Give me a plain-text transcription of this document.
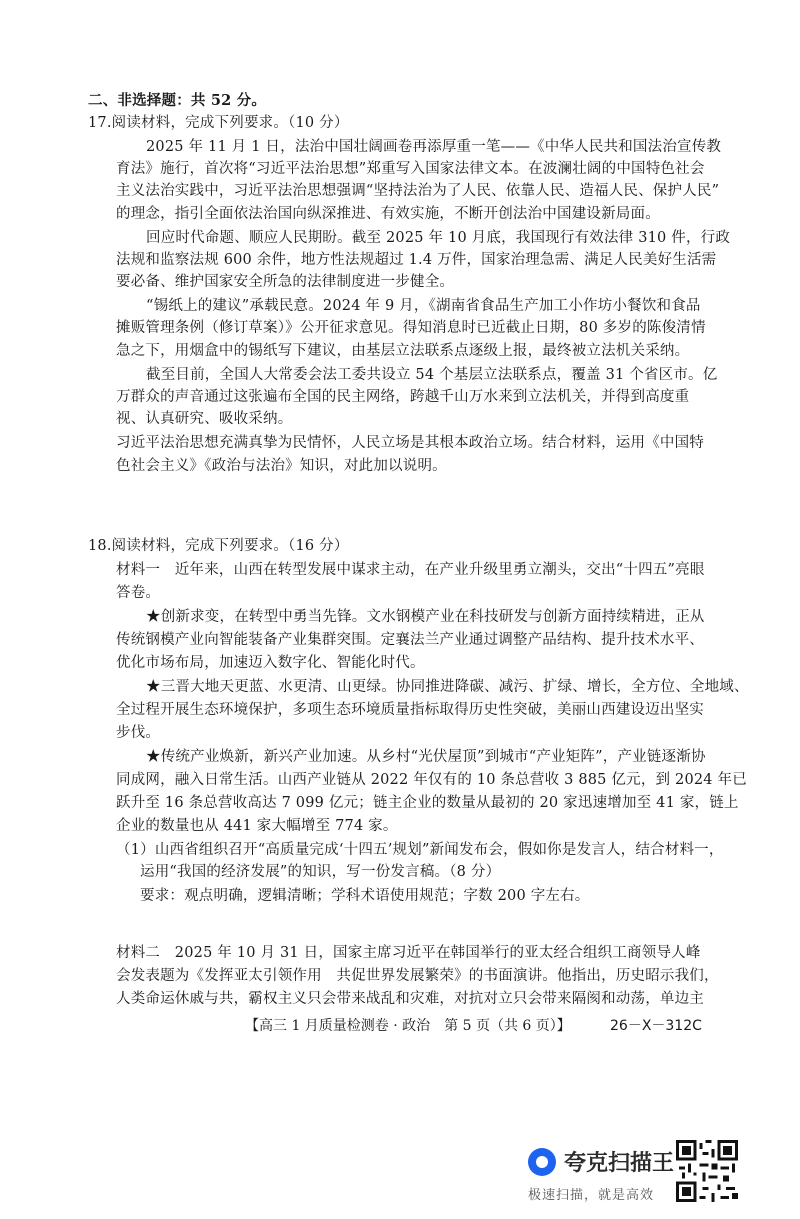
二、非选择题：共 52 分。
17.阅读材料，完成下列要求。（10 分）
2025 年 11 月 1 日，法治中国壮阔画卷再添厚重一笔——《中华人民共和国法治宣传教
育法》施行，首次将“习近平法治思想”郑重写入国家法律文本。在波澜壮阔的中国特色社会
主义法治实践中，习近平法治思想强调“坚持法治为了人民、依靠人民、造福人民、保护人民”
的理念，指引全面依法治国向纵深推进、有效实施，不断开创法治中国建设新局面。
回应时代命题、顺应人民期盼。截至 2025 年 10 月底，我国现行有效法律 310 件，行政
法规和监察法规 600 余件，地方性法规超过 1.4 万件，国家治理急需、满足人民美好生活需
要必备、维护国家安全所急的法律制度进一步健全。
“锡纸上的建议”承载民意。2024 年 9 月，《湖南省食品生产加工小作坊小餐饮和食品
摊贩管理条例（修订草案）》公开征求意见。得知消息时已近截止日期，80 多岁的陈俊清情
急之下，用烟盒中的锡纸写下建议，由基层立法联系点逐级上报，最终被立法机关采纳。
截至目前，全国人大常委会法工委共设立 54 个基层立法联系点，覆盖 31 个省区市。亿
万群众的声音通过这张遍布全国的民主网络，跨越千山万水来到立法机关，并得到高度重
视、认真研究、吸收采纳。
习近平法治思想充满真挚为民情怀，人民立场是其根本政治立场。结合材料，运用《中国特
色社会主义》《政治与法治》知识，对此加以说明。
18.阅读材料，完成下列要求。（16 分）
材料一　近年来，山西在转型发展中谋求主动，在产业升级里勇立潮头，交出“十四五”亮眼
答卷。
★创新求变，在转型中勇当先锋。文水钢模产业在科技研发与创新方面持续精进，正从
传统钢模产业向智能装备产业集群突围。定襄法兰产业通过调整产品结构、提升技术水平、
优化市场布局，加速迈入数字化、智能化时代。
★三晋大地天更蓝、水更清、山更绿。协同推进降碳、减污、扩绿、增长，全方位、全地域、
全过程开展生态环境保护，多项生态环境质量指标取得历史性突破，美丽山西建设迈出坚实
步伐。
★传统产业焕新，新兴产业加速。从乡村“光伏屋顶”到城市“产业矩阵”，产业链逐渐协
同成网，融入日常生活。山西产业链从 2022 年仅有的 10 条总营收 3 885 亿元，到 2024 年已
跃升至 16 条总营收高达 7 099 亿元；链主企业的数量从最初的 20 家迅速增加至 41 家，链上
企业的数量也从 441 家大幅增至 774 家。
（1）山西省组织召开“高质量完成‘十四五’规划”新闻发布会，假如你是发言人，结合材料一，
运用“我国的经济发展”的知识，写一份发言稿。（8 分）
要求：观点明确，逻辑清晰；学科术语使用规范；字数 200 字左右。
材料二　2025 年 10 月 31 日，国家主席习近平在韩国举行的亚太经合组织工商领导人峰
会发表题为《发挥亚太引领作用　共促世界发展繁荣》的书面演讲。他指出，历史昭示我们，
人类命运休戚与共，霸权主义只会带来战乱和灾难，对抗对立只会带来隔阂和动荡，单边主
【高三 1 月质量检测卷 · 政治　第 5 页（共 6 页）】	26－X－312C
夸克扫描王
极速扫描，就是高效
